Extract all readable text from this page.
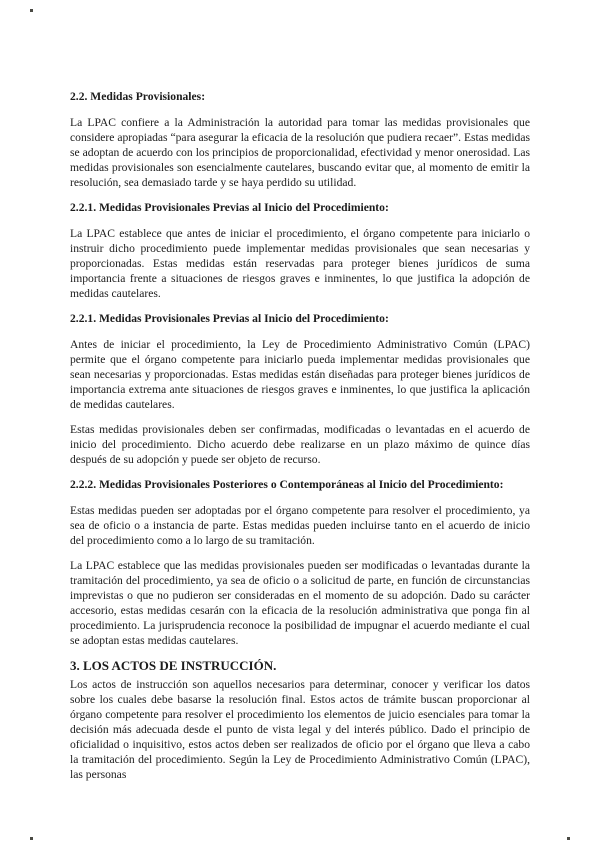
2.2. Medidas Provisionales:

La LPAC confiere a la Administración la autoridad para tomar las medidas provisionales que considere apropiadas “para asegurar la eficacia de la resolución que pudiera recaer”. Estas medidas se adoptan de acuerdo con los principios de proporcionalidad, efectividad y menor onerosidad. Las medidas provisionales son esencialmente cautelares, buscando evitar que, al momento de emitir la resolución, sea demasiado tarde y se haya perdido su utilidad.

2.2.1. Medidas Provisionales Previas al Inicio del Procedimiento:

La LPAC establece que antes de iniciar el procedimiento, el órgano competente para iniciarlo o instruir dicho procedimiento puede implementar medidas provisionales que sean necesarias y proporcionadas. Estas medidas están reservadas para proteger bienes jurídicos de suma importancia frente a situaciones de riesgos graves e inminentes, lo que justifica la adopción de medidas cautelares.

2.2.1. Medidas Provisionales Previas al Inicio del Procedimiento:

Antes de iniciar el procedimiento, la Ley de Procedimiento Administrativo Común (LPAC) permite que el órgano competente para iniciarlo pueda implementar medidas provisionales que sean necesarias y proporcionadas. Estas medidas están diseñadas para proteger bienes jurídicos de importancia extrema ante situaciones de riesgos graves e inminentes, lo que justifica la aplicación de medidas cautelares.

Estas medidas provisionales deben ser confirmadas, modificadas o levantadas en el acuerdo de inicio del procedimiento. Dicho acuerdo debe realizarse en un plazo máximo de quince días después de su adopción y puede ser objeto de recurso.

2.2.2. Medidas Provisionales Posteriores o Contemporáneas al Inicio del Procedimiento:

Estas medidas pueden ser adoptadas por el órgano competente para resolver el procedimiento, ya sea de oficio o a instancia de parte. Estas medidas pueden incluirse tanto en el acuerdo de inicio del procedimiento como a lo largo de su tramitación.

La LPAC establece que las medidas provisionales pueden ser modificadas o levantadas durante la tramitación del procedimiento, ya sea de oficio o a solicitud de parte, en función de circunstancias imprevistas o que no pudieron ser consideradas en el momento de su adopción. Dado su carácter accesorio, estas medidas cesarán con la eficacia de la resolución administrativa que ponga fin al procedimiento. La jurisprudencia reconoce la posibilidad de impugnar el acuerdo mediante el cual se adoptan estas medidas cautelares.

3. LOS ACTOS DE INSTRUCCIÓN.

Los actos de instrucción son aquellos necesarios para determinar, conocer y verificar los datos sobre los cuales debe basarse la resolución final. Estos actos de trámite buscan proporcionar al órgano competente para resolver el procedimiento los elementos de juicio esenciales para tomar la decisión más adecuada desde el punto de vista legal y del interés público. Dado el principio de oficialidad o inquisitivo, estos actos deben ser realizados de oficio por el órgano que lleva a cabo la tramitación del procedimiento. Según la Ley de Procedimiento Administrativo Común (LPAC), las personas
